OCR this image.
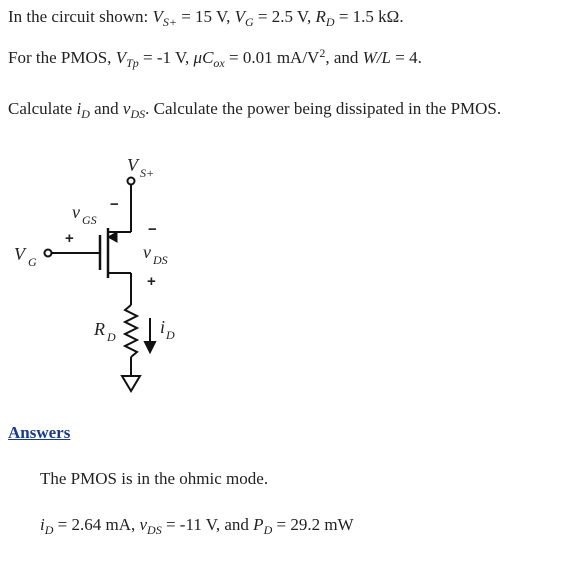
In the circuit shown: $V_{S+} = 15$ V, $V_G = 2.5$ V, $R_D = 1.5$ kΩ.
For the PMOS, $V_{Tp} = -1$ V, $\mu C_{ox} = 0.01$ $mA/V^2$, and W/L = 4.
Calculate $i_D$ and $v_{DS}$. Calculate the power being dissipated in the PMOS.
V S+
−
v GS
+
V G
−
v DS
+
R D i D
Answers
The PMOS is in the ohmic mode.
$i_D = 2.64$ mA, $v_{DS} = -11$ V, and $P_D = 29.2$ mW
